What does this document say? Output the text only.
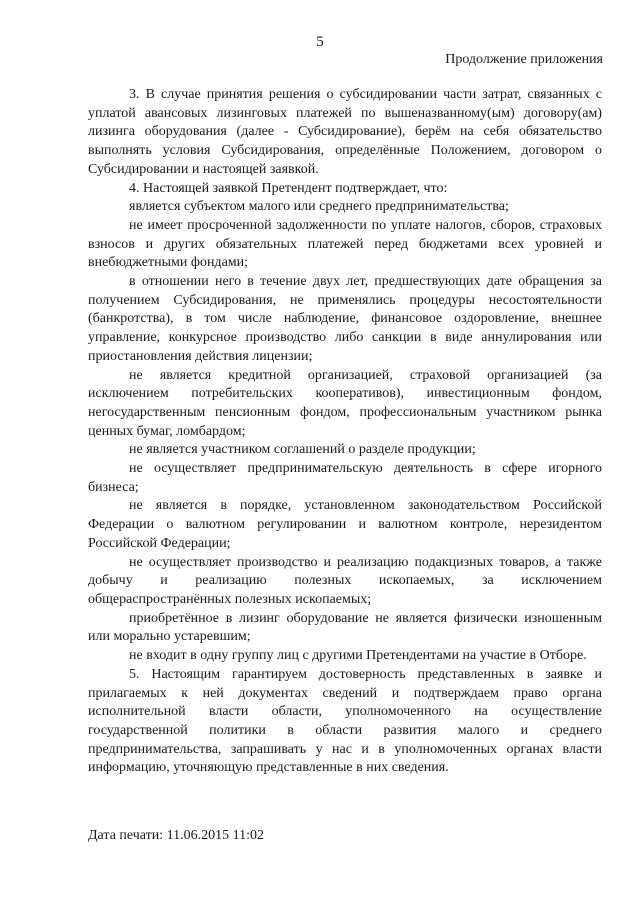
5
Продолжение приложения

3. В случае принятия решения о субсидировании части затрат, связанных с уплатой авансовых лизинговых платежей по вышеназванному(ым) договору(ам) лизинга оборудования (далее - Субсидирование), берём на себя обязательство выполнять условия Субсидирования, определённые Положением, договором о Субсидировании и настоящей заявкой.

4. Настоящей заявкой Претендент подтверждает, что:

является субъектом малого или среднего предпринимательства;

не имеет просроченной задолженности по уплате налогов, сборов, страховых взносов и других обязательных платежей перед бюджетами всех уровней и внебюджетными фондами;

в отношении него в течение двух лет, предшествующих дате обращения за получением Субсидирования, не применялись процедуры несостоятельности (банкротства), в том числе наблюдение, финансовое оздоровление, внешнее управление, конкурсное производство либо санкции в виде аннулирования или приостановления действия лицензии;

не является кредитной организацией, страховой организацией (за исключением потребительских кооперативов), инвестиционным фондом, негосударственным пенсионным фондом, профессиональным участником рынка ценных бумаг, ломбардом;

не является участником соглашений о разделе продукции;

не осуществляет предпринимательскую деятельность в сфере игорного бизнеса;

не является в порядке, установленном законодательством Российской Федерации о валютном регулировании и валютном контроле, нерезидентом Российской Федерации;

не осуществляет производство и реализацию подакцизных товаров, а также добычу и реализацию полезных ископаемых, за исключением общераспространённых полезных ископаемых;

приобретённое в лизинг оборудование не является физически изношенным или морально устаревшим;

не входит в одну группу лиц с другими Претендентами на участие в Отборе.

5. Настоящим гарантируем достоверность представленных в заявке и прилагаемых к ней документах сведений и подтверждаем право органа исполнительной власти области, уполномоченного на осуществление государственной политики в области развития малого и среднего предпринимательства, запрашивать у нас и в уполномоченных органах власти информацию, уточняющую представленные в них сведения.

Дата печати: 11.06.2015 11:02
